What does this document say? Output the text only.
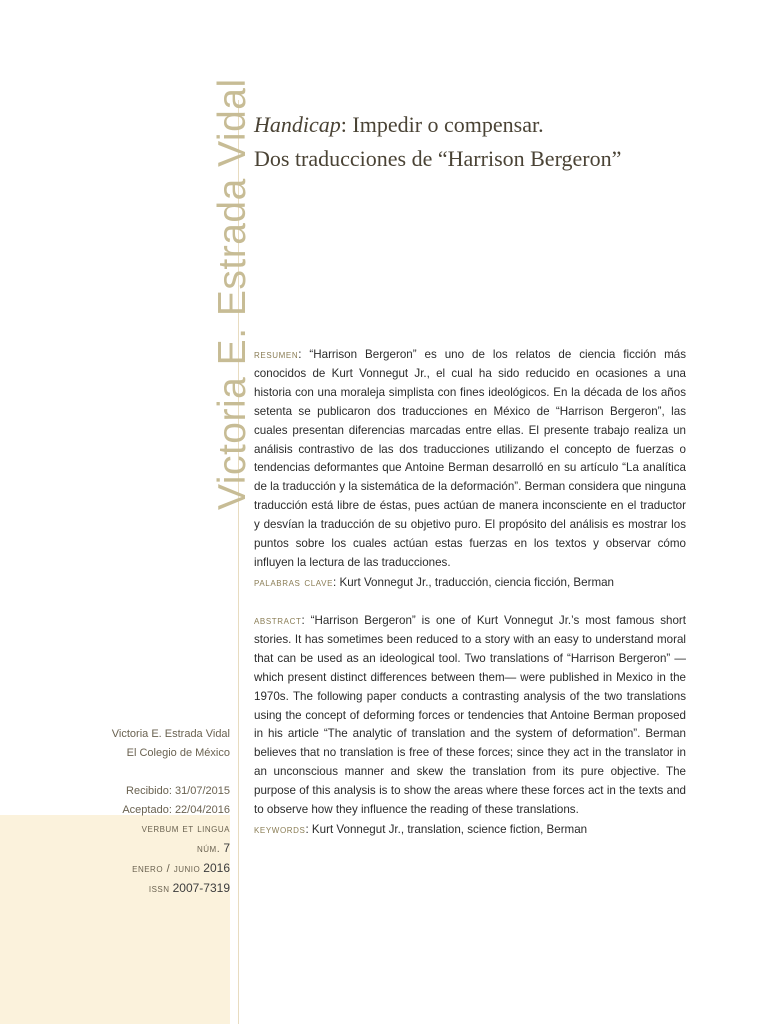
Victoria E. Estrada Vidal Handicap: Impedir o compensar.
Dos traducciones de “Harrison Bergeron”

resumen: “Harrison Bergeron” es uno de los relatos de ciencia ficción más conocidos de Kurt Vonnegut Jr., el cual ha sido reducido en ocasiones a una historia con una moraleja simplista con fines ideológicos. En la década de los años setenta se publicaron dos traducciones en México de “Harrison Bergeron”, las cuales presentan diferencias marcadas entre ellas. El presente trabajo realiza un análisis contrastivo de las dos traducciones utilizando el concepto de fuerzas o tendencias deformantes que Antoine Berman desarrolló en su artículo “La analítica de la traducción y la sistemática de la deformación”. Berman considera que ninguna traducción está libre de éstas, pues actúan de manera inconsciente en el traductor y desvían la traducción de su objetivo puro. El propósito del análisis es mostrar los puntos sobre los cuales actúan estas fuerzas en los textos y observar cómo influyen la lectura de las traducciones.

palabras clave: Kurt Vonnegut Jr., traducción, ciencia ficción, Berman

abstract: “Harrison Bergeron” is one of Kurt Vonnegut Jr.’s most famous short stories. It has sometimes been reduced to a story with an easy to understand moral that can be used as an ideological tool. Two translations of “Harrison Bergeron” —which present distinct differences between them— were published in Mexico in the 1970s. The following paper conducts a contrasting analysis of the two translations using the concept of deforming forces or tendencies that Antoine Berman proposed in his article “The analytic of translation and the system of deformation”. Berman believes that no translation is free of these forces; since they act in the translator in an unconscious manner and skew the translation from its pure objective. The purpose of this analysis is to show the areas where these forces act in the texts and to observe how they influence the reading of these translations.

keywords: Kurt Vonnegut Jr., translation, science fiction, Berman

Victoria E. Estrada Vidal
El Colegio de México
Recibido: 31/07/2015
Aceptado: 22/04/2016
verbum et lingua
núm. 7
enero / junio 2016
issn 2007-7319
